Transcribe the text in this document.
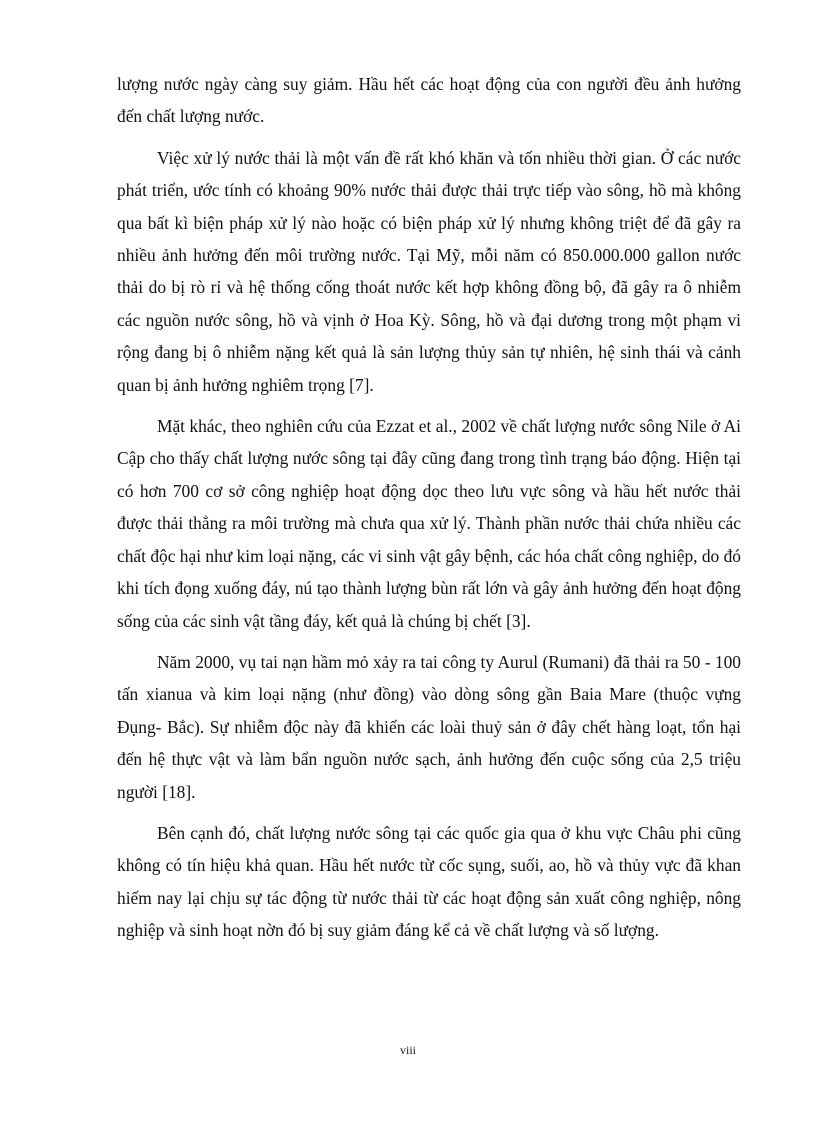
lượng nước ngày càng suy giảm. Hầu hết các hoạt động của con người đều ảnh hưởng đến chất lượng nước.

Việc xử lý nước thải là một vấn đề rất khó khăn và tốn nhiều thời gian. Ở các nước phát triển, ước tính có khoảng 90% nước thải được thải trực tiếp vào sông, hồ mà không qua bất kì biện pháp xử lý nào hoặc có biện pháp xử lý nhưng không triệt để đã gây ra nhiều ảnh hưởng đến môi trường nước. Tại Mỹ, mỗi năm có 850.000.000 gallon nước thải do bị rò rỉ và hệ thống cống thoát nước kết hợp không đồng bộ, đã gây ra ô nhiễm các nguồn nước sông, hồ và vịnh ở Hoa Kỳ. Sông, hồ và đại dương trong một phạm vi rộng đang bị ô nhiễm nặng kết quả là sản lượng thủy sản tự nhiên, hệ sinh thái và cảnh quan bị ảnh hưởng nghiêm trọng [7].

Mặt khác, theo nghiên cứu của Ezzat et al., 2002 về chất lượng nước sông Nile ở Ai Cập cho thấy chất lượng nước sông tại đây cũng đang trong tình trạng báo động. Hiện tại có hơn 700 cơ sở công nghiệp hoạt động dọc theo lưu vực sông và hầu hết nước thải được thải thẳng ra môi trường mà chưa qua xử lý. Thành phần nước thải chứa nhiều các chất độc hại như kim loại nặng, các vi sinh vật gây bệnh, các hóa chất công nghiệp, do đó khi tích đọng xuống đáy, nú tạo thành lượng bùn rất lớn và gây ảnh hưởng đến hoạt động sống của các sinh vật tầng đáy, kết quả là chúng bị chết [3].

Năm 2000, vụ tai nạn hầm mỏ xảy ra tai công ty Aurul (Rumani) đã thải ra 50 - 100 tấn xianua và kim loại nặng (như đồng) vào dòng sông gần Baia Mare (thuộc vựng Đụng- Bắc). Sự nhiễm độc này đã khiến các loài thuỷ sản ở đây chết hàng loạt, tổn hại đến hệ thực vật và làm bẩn nguồn nước sạch, ảnh hưởng đến cuộc sống của 2,5 triệu người [18].

Bên cạnh đó, chất lượng nước sông tại các quốc gia qua ở khu vực Châu phi cũng không có tín hiệu khả quan. Hầu hết nước từ cốc sụng, suối, ao, hồ và thủy vực đã khan hiếm nay lại chịu sự tác động từ nước thải từ các hoạt động sản xuất công nghiệp, nông nghiệp và sinh hoạt nờn đó bị suy giảm đáng kể cả về chất lượng và số lượng.

viii
